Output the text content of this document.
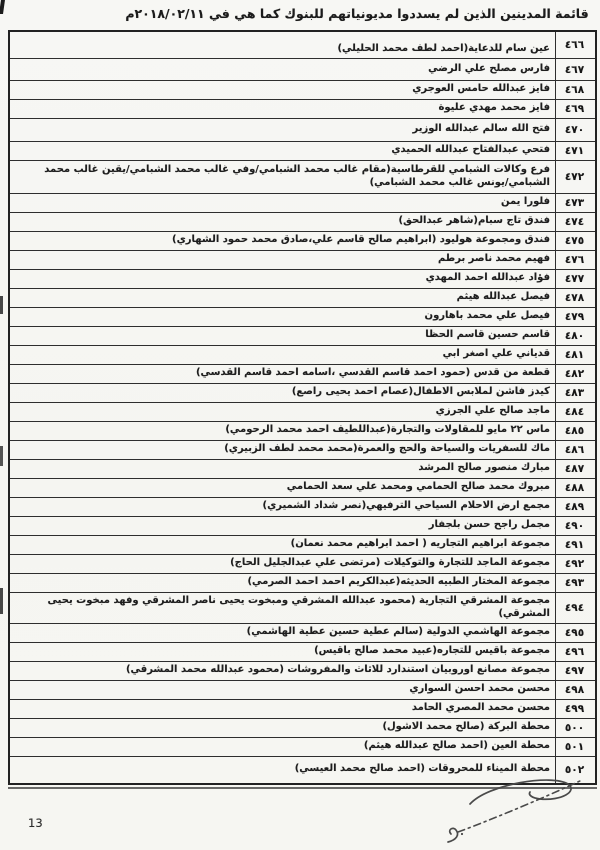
قائمة المدينين الذين لم يسددوا مديونياتهم للبنوك كما هي في ٢٠١٨/٠٢/١١م
٤٦٦
عين سام للدعاية(احمد لطف محمد الحليلي)
٤٦٧
فارس مصلح علي الرضي
٤٦٨
فايز عبدالله حامس العوجري
٤٦٩
فايز محمد مهدي عليوة
٤٧٠
فتح الله سالم عبدالله الوزير
٤٧١
فتحي عبدالفتاح عبدالله الحميدي
٤٧٢
فرع وكالات الشبامي للقرطاسية(مقام غالب محمد الشبامي/وفي غالب محمد الشبامي/يقين غالب محمد الشبامي/يونس غالب محمد الشبامي)
٤٧٣
فلورا يمن
٤٧٤
فندق تاج سبام(شاهر عبدالحق)
٤٧٥
فندق ومجموعة هوليود (ابراهيم صالح قاسم علي،صادق محمد حمود الشهاري)
٤٧٦
فهيم محمد ناصر برطم
٤٧٧
فؤاد عبدالله احمد المهدي
٤٧٨
فيصل عبدالله هيثم
٤٧٩
فيصل علي محمد باهارون
٤٨٠
قاسم حسين قاسم الحظا
٤٨١
قدياني علي اصغر ابي
٤٨٢
قطعة من قدس (حمود احمد قاسم القدسي ،اسامه احمد قاسم القدسي)
٤٨٣
كيدز فاشن لملابس الاطفال(عصام احمد يحيى راصع)
٤٨٤
ماجد صالح علي الجرزي
٤٨٥
ماس ٢٢ مايو للمقاولات والتجارة(عبداللطيف احمد محمد الرحومي)
٤٨٦
ماك للسفريات والسياحة والحج والعمرة(محمد محمد لطف الزبيري)
٤٨٧
مبارك منصور صالح المرشد
٤٨٨
مبروك محمد صالح الحمامي ومحمد علي سعد الحمامي
٤٨٩
مجمع ارض الاحلام السياحي الترفيهي(نصر شداد الشميري)
٤٩٠
مجمل راجح حسن بلجفار
٤٩١
مجموعة ابراهيم التجاريه ( احمد ابراهيم محمد نعمان)
٤٩٢
مجموعة الماجد للتجارة والتوكيلات (مرتضى علي عبدالجليل الحاج)
٤٩٣
مجموعة المختار الطبيه الحديثه(عبدالكريم احمد احمد الصرمي)
٤٩٤
مجموعة المشرقي التجارية (محمود عبدالله المشرقي ومبخوت يحيى ناصر المشرقي وفهد مبخوت يحيى المشرقي)
٤٩٥
مجموعة الهاشمي الدولية (سالم عطية حسين عطية الهاشمي)
٤٩٦
مجموعة باقيس للتجاره(عبيد محمد صالح باقيس)
٤٩٧
مجموعة مصانع اوروبيان استندارد للاثاث والمفروشات (محمود عبدالله محمد المشرقي)
٤٩٨
محسن محمد احسن السواري
٤٩٩
محسن محمد المصري الحامد
٥٠٠
محطة البركة (صالح محمد الاشول)
٥٠١
محطة العين (احمد صالح عبدالله هيثم)
٥٠٢
محطة الميناء للمحروقات (احمد صالح محمد العيسي)
13
